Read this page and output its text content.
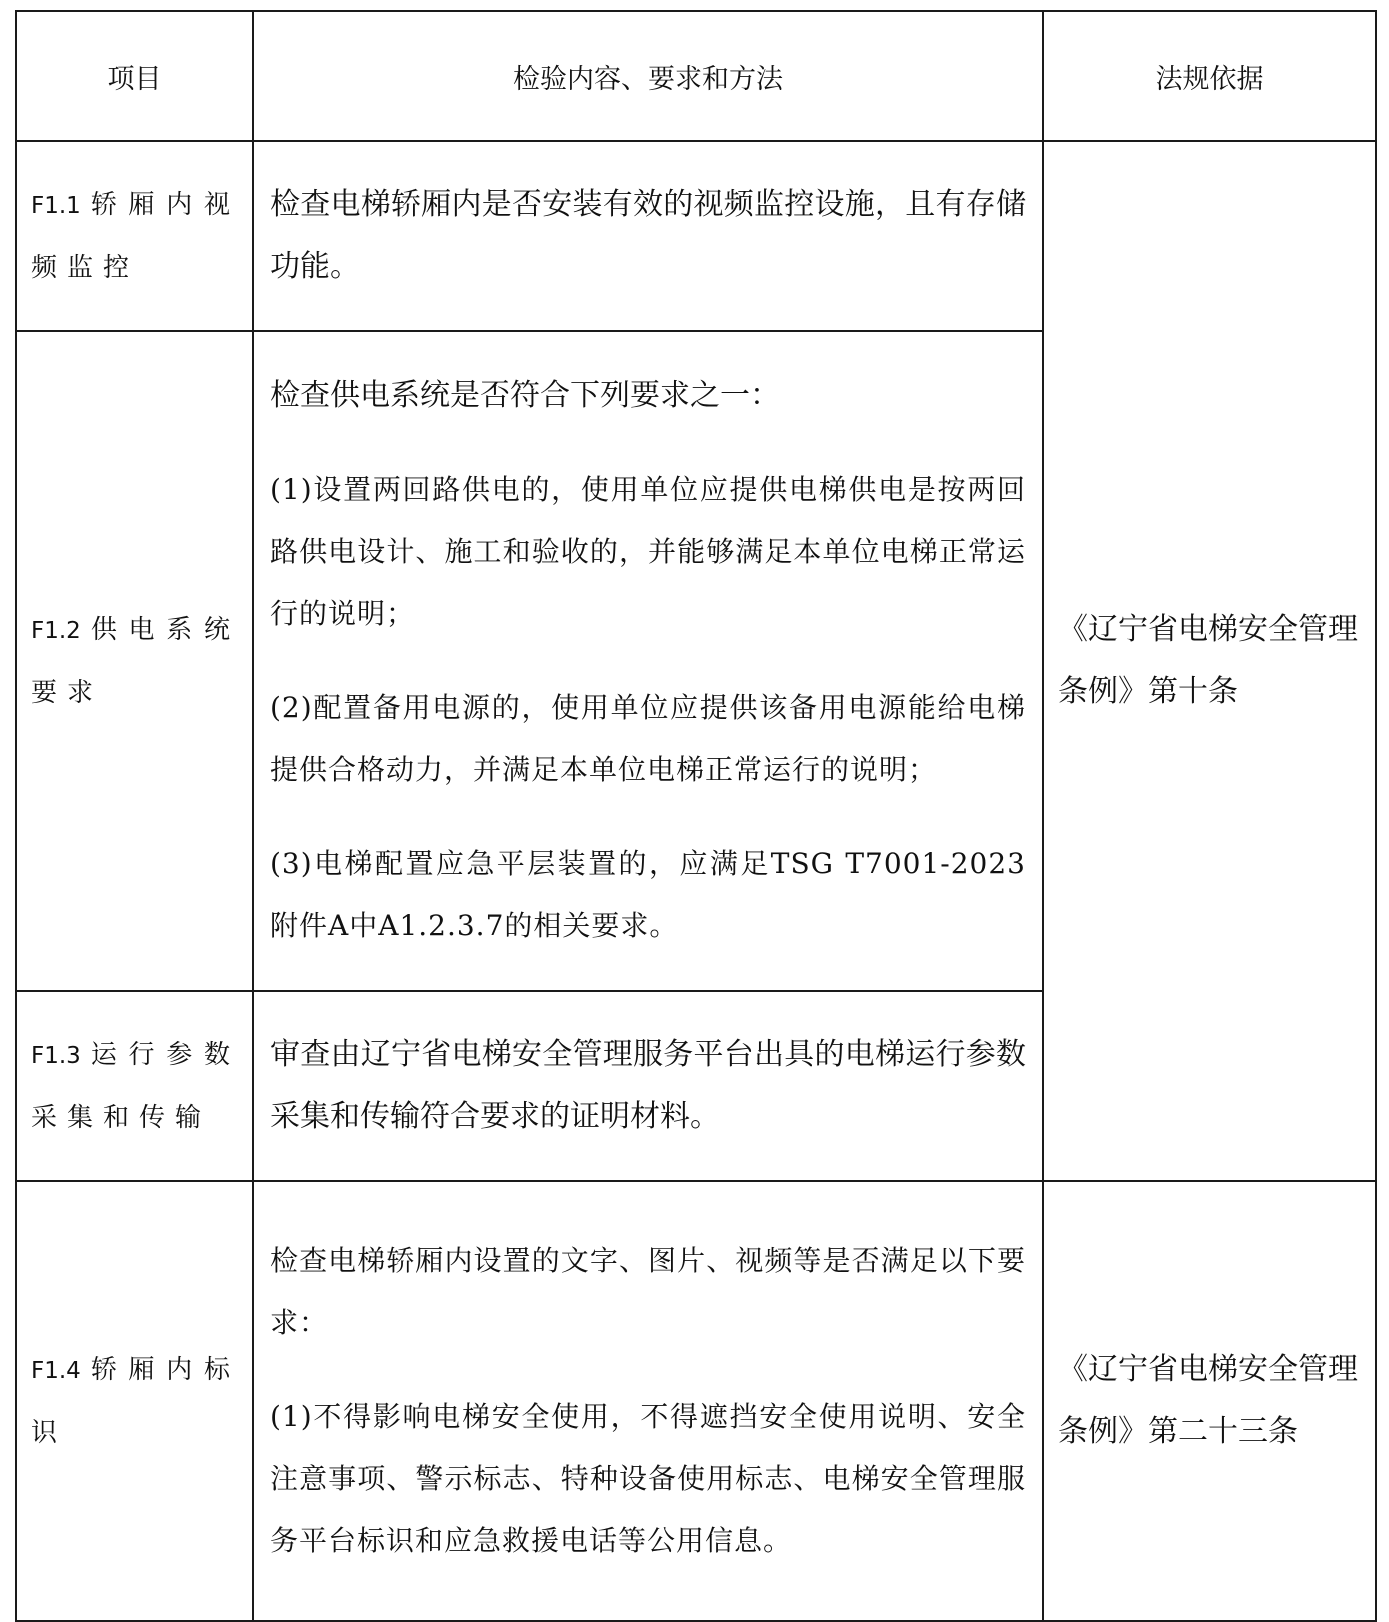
项目	检验内容、要求和方法	法规依据
F1.1 轿厢内视频监控	检查电梯轿厢内是否安装有效的视频监控设施，且有存储功能。	《辽宁省电梯安全管理条例》第十条
F1.2 供电系统要求	检查供电系统是否符合下列要求之一：

(1)设置两回路供电的，使用单位应提供电梯供电是按两回路供电设计、施工和验收的，并能够满足本单位电梯正常运行的说明；

(2)配置备用电源的，使用单位应提供该备用电源能给电梯提供合格动力，并满足本单位电梯正常运行的说明；

(3)电梯配置应急平层装置的，应满足TSG T7001-2023附件A中A1.2.3.7的相关要求。	

F1.3 运行参数采集和传输	审查由辽宁省电梯安全管理服务平台出具的电梯运行参数采集和传输符合要求的证明材料。	

F1.4 轿厢内标识	检查电梯轿厢内设置的文字、图片、视频等是否满足以下要求：

(1)不得影响电梯安全使用，不得遮挡安全使用说明、安全注意事项、警示标志、特种设备使用标志、电梯安全管理服务平台标识和应急救援电话等公用信息。	《辽宁省电梯安全管理条例》第二十三条
